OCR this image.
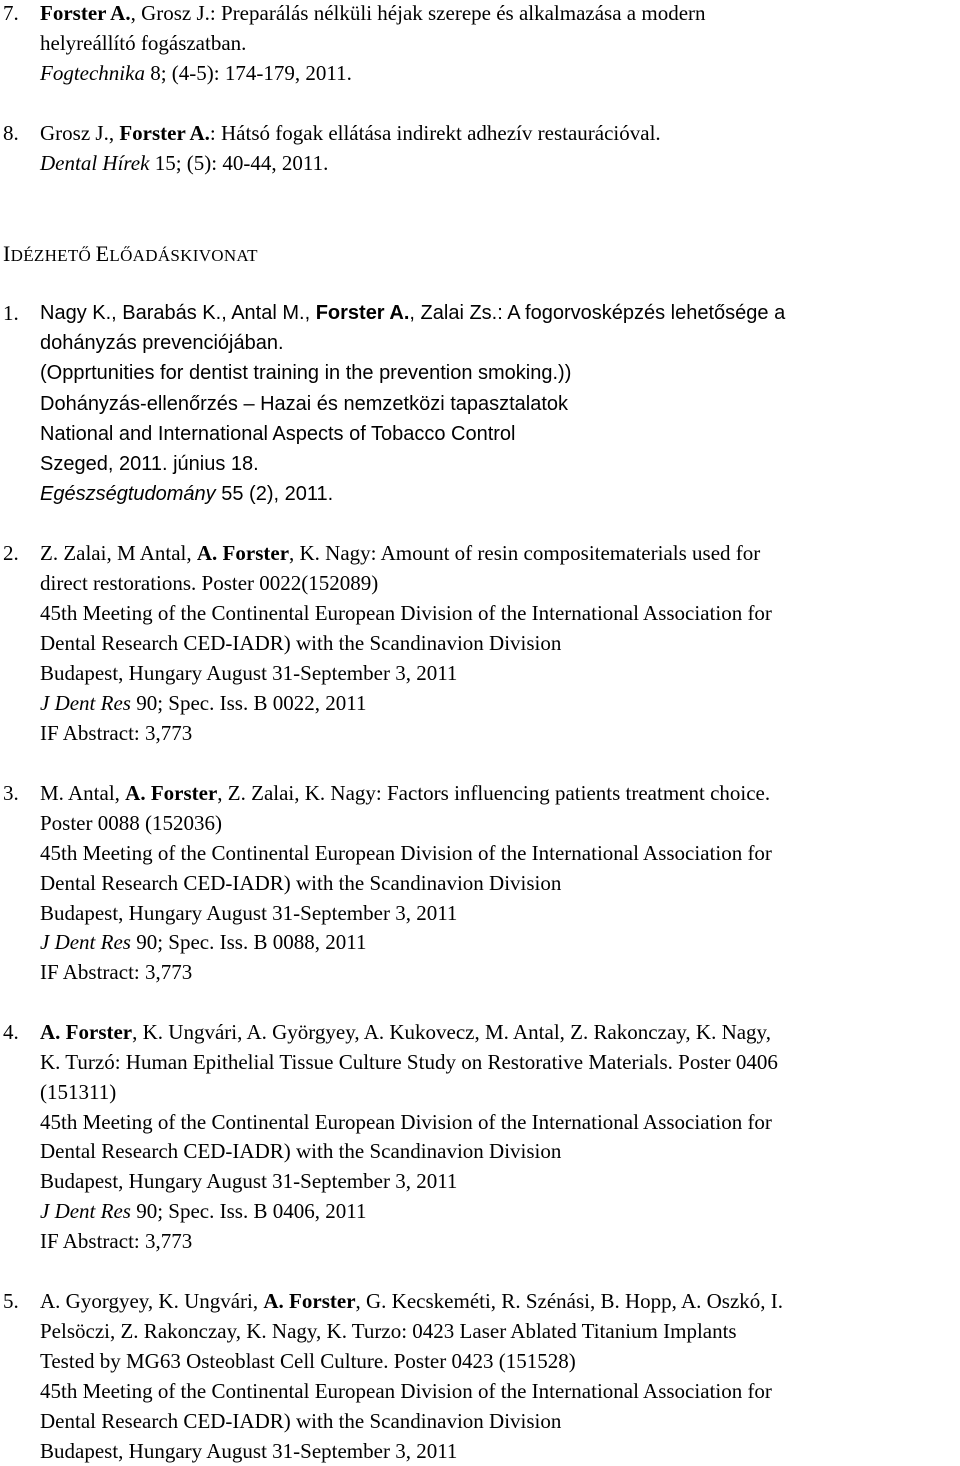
7. Forster A., Grosz J.: Preparálás nélküli héjak szerepe és alkalmazása a modern
helyreállító fogászatban.
Fogtechnika 8; (4-5): 174-179, 2011.
8. Grosz J., Forster A.: Hátsó fogak ellátása indirekt adhezív restaurációval.
Dental Hírek 15; (5): 40-44, 2011.
IDÉZHETŐ ELŐADÁSKIVONAT
1. Nagy K., Barabás K., Antal M., Forster A., Zalai Zs.: A fogorvosképzés lehetősége a
dohányzás prevenciójában.
(Opprtunities for dentist training in the prevention smoking.))
Dohányzás-ellenőrzés – Hazai és nemzetközi tapasztalatok
National and International Aspects of Tobacco Control
Szeged, 2011. június 18.
Egészségtudomány 55 (2), 2011.
2. Z. Zalai, M Antal, A. Forster, K. Nagy: Amount of resin compositematerials used for
direct restorations. Poster 0022(152089)
45th Meeting of the Continental European Division of the International Association for
Dental Research CED-IADR) with the Scandinavion Division
Budapest, Hungary August 31-September 3, 2011
J Dent Res 90; Spec. Iss. B 0022, 2011
IF Abstract: 3,773
3. M. Antal, A. Forster, Z. Zalai, K. Nagy: Factors influencing patients treatment choice.
Poster 0088 (152036)
45th Meeting of the Continental European Division of the International Association for
Dental Research CED-IADR) with the Scandinavion Division
Budapest, Hungary August 31-September 3, 2011
J Dent Res 90; Spec. Iss. B 0088, 2011
IF Abstract: 3,773
4. A. Forster, K. Ungvári, A. Györgyey, A. Kukovecz, M. Antal, Z. Rakonczay, K. Nagy,
K. Turzó: Human Epithelial Tissue Culture Study on Restorative Materials. Poster 0406
(151311)
45th Meeting of the Continental European Division of the International Association for
Dental Research CED-IADR) with the Scandinavion Division
Budapest, Hungary August 31-September 3, 2011
J Dent Res 90; Spec. Iss. B 0406, 2011
IF Abstract: 3,773
5. A. Gyorgyey, K. Ungvári, A. Forster, G. Kecskeméti, R. Szénási, B. Hopp, A. Oszkó, I.
Pelsöczi, Z. Rakonczay, K. Nagy, K. Turzo: 0423 Laser Ablated Titanium Implants
Tested by MG63 Osteoblast Cell Culture. Poster 0423 (151528)
45th Meeting of the Continental European Division of the International Association for
Dental Research CED-IADR) with the Scandinavion Division
Budapest, Hungary August 31-September 3, 2011
